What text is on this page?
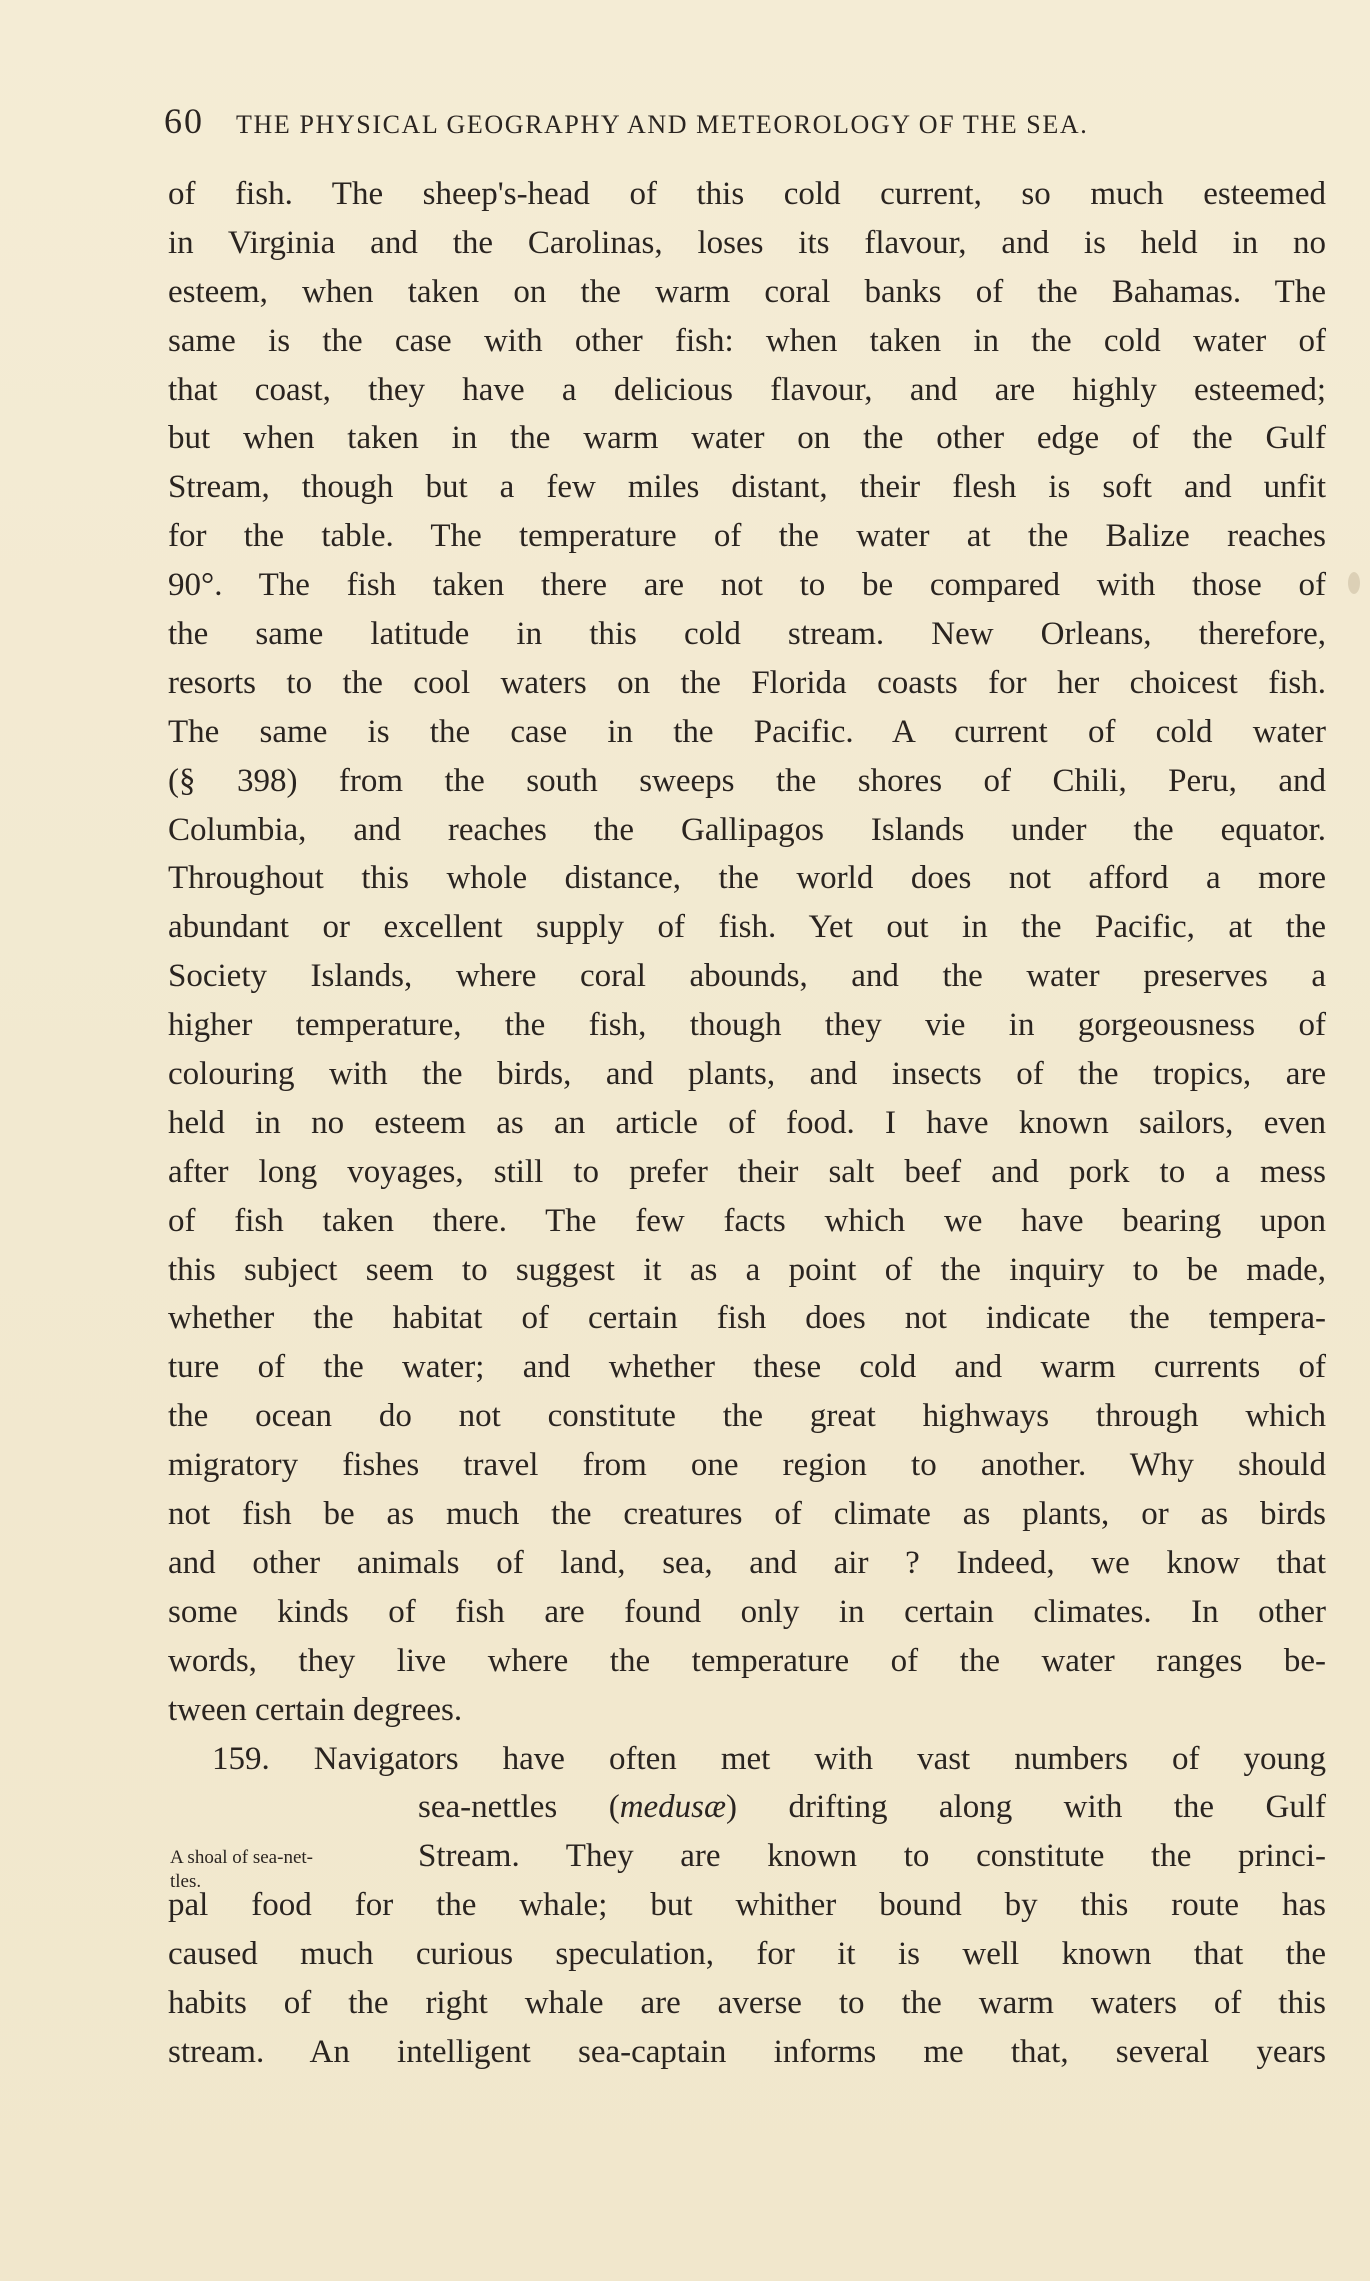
60 THE PHYSICAL GEOGRAPHY AND METEOROLOGY OF THE SEA.
of fish. The sheep's-head of this cold current, so much esteemed
in Virginia and the Carolinas, loses its flavour, and is held in no
esteem, when taken on the warm coral banks of the Bahamas. The
same is the case with other fish: when taken in the cold water of
that coast, they have a delicious flavour, and are highly esteemed;
but when taken in the warm water on the other edge of the Gulf
Stream, though but a few miles distant, their flesh is soft and unfit
for the table. The temperature of the water at the Balize reaches
90°. The fish taken there are not to be compared with those of
the same latitude in this cold stream. New Orleans, therefore,
resorts to the cool waters on the Florida coasts for her choicest fish.
The same is the case in the Pacific. A current of cold water
(§ 398) from the south sweeps the shores of Chili, Peru, and
Columbia, and reaches the Gallipagos Islands under the equator.
Throughout this whole distance, the world does not afford a more
abundant or excellent supply of fish. Yet out in the Pacific, at the
Society Islands, where coral abounds, and the water preserves a
higher temperature, the fish, though they vie in gorgeousness of
colouring with the birds, and plants, and insects of the tropics, are
held in no esteem as an article of food. I have known sailors, even
after long voyages, still to prefer their salt beef and pork to a mess
of fish taken there. The few facts which we have bearing upon
this subject seem to suggest it as a point of the inquiry to be made,
whether the habitat of certain fish does not indicate the tempera-
ture of the water; and whether these cold and warm currents of
the ocean do not constitute the great highways through which
migratory fishes travel from one region to another. Why should
not fish be as much the creatures of climate as plants, or as birds
and other animals of land, sea, and air ? Indeed, we know that
some kinds of fish are found only in certain climates. In other
words, they live where the temperature of the water ranges be-
tween certain degrees.
159. Navigators have often met with vast numbers of young
sea-nettles (medusæ) drifting along with the Gulf
Stream. They are known to constitute the princi-
pal food for the whale; but whither bound by this route has
caused much curious speculation, for it is well known that the
habits of the right whale are averse to the warm waters of this
stream. An intelligent sea-captain informs me that, several years
A shoal of sea-net-
tles.
